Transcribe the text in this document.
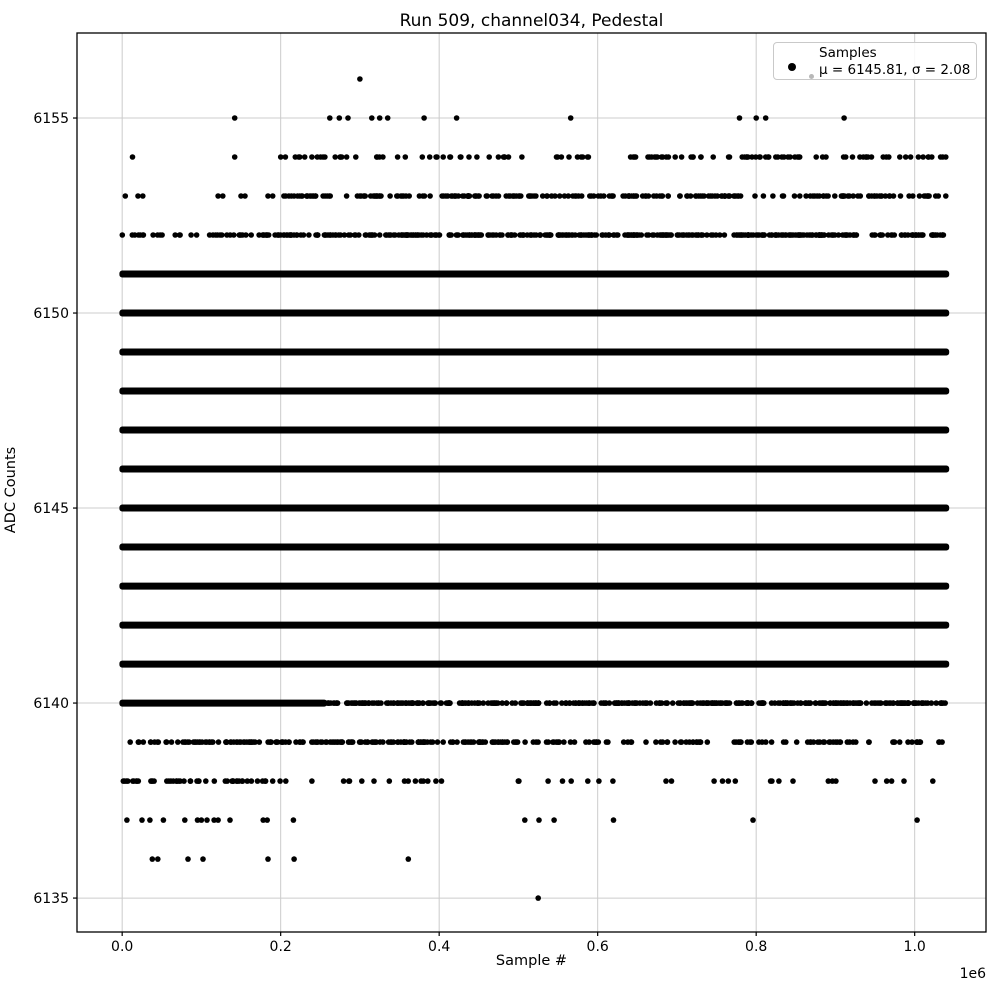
0.0	0.2	0.4	0.6	0.8	1.0
6135
6140
6145
6150
6155
Run 509, channel034, Pedestal
ADC Counts
Sample #
1e6
Samples
μ = 6145.81, σ = 2.08
